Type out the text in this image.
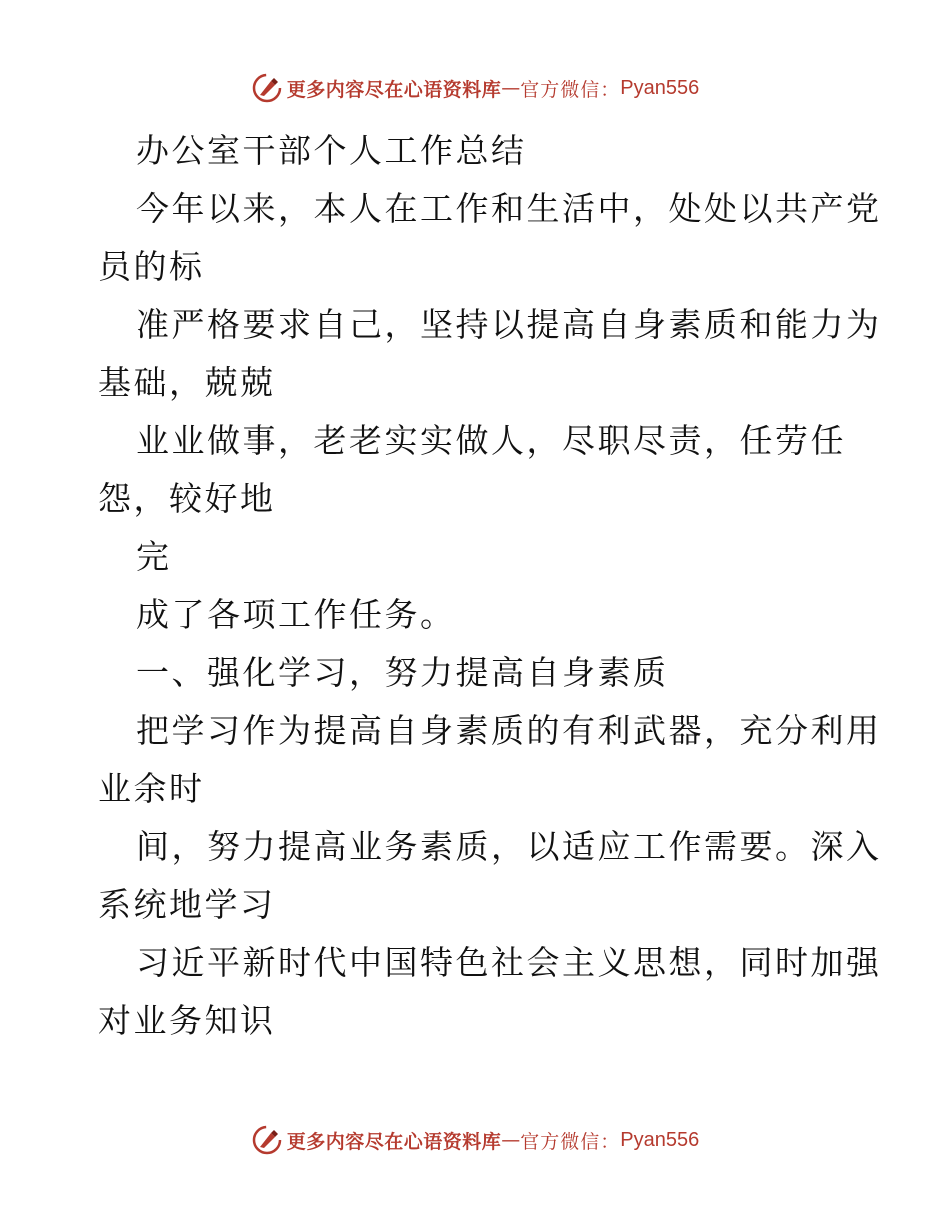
更多内容尽在心语资料库 — 官方微信： Pyan556
办公室干部个人工作总结
今年以来，本人在工作和生活中，处处以共产党
员的标
准严格要求自己，坚持以提高自身素质和能力为
基础，兢兢
业业做事，老老实实做人，尽职尽责，任劳任
怨，较好地
完
成了各项工作任务。
一、强化学习，努力提高自身素质
把学习作为提高自身素质的有利武器，充分利用
业余时
间，努力提高业务素质，以适应工作需要。深入
系统地学习
习近平新时代中国特色社会主义思想，同时加强
对业务知识
更多内容尽在心语资料库 — 官方微信： Pyan556
